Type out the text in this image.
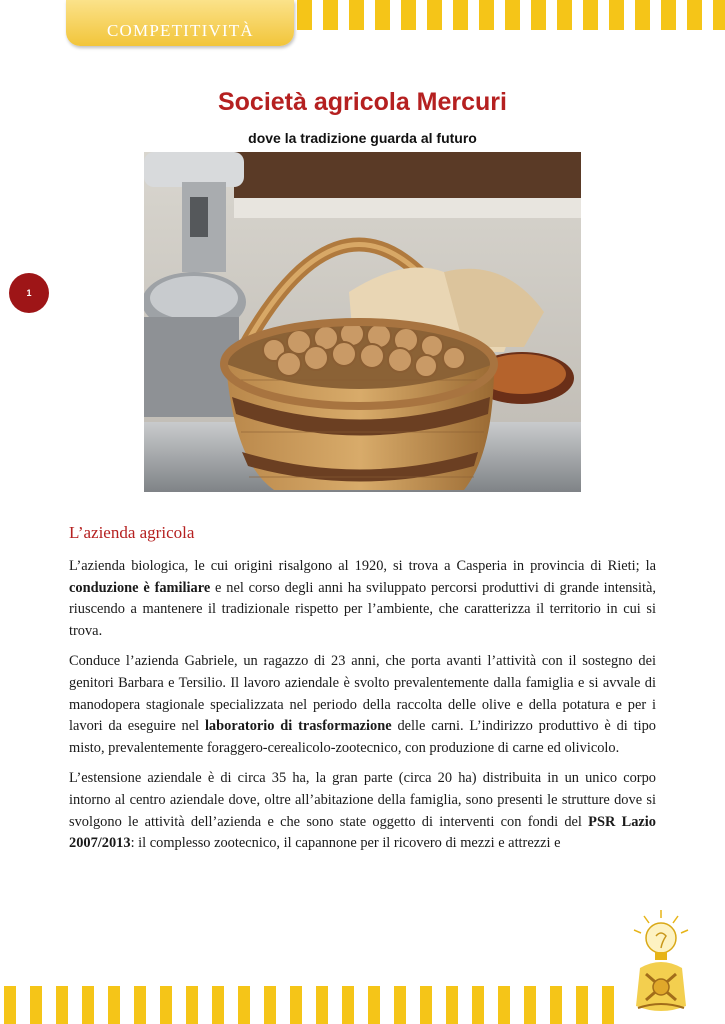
COMPETITIVITÀ
Società agricola Mercuri
dove la tradizione guarda al futuro
1
L’azienda agricola

L’azienda biologica, le cui origini risalgono al 1920, si trova a Casperia in provincia di Rieti; la conduzione è familiare e nel corso degli anni ha sviluppato percorsi produttivi di grande intensità, riuscendo a mantenere il tradizionale rispetto per l’ambiente, che caratterizza il territorio in cui si trova.

Conduce l’azienda Gabriele, un ragazzo di 23 anni, che porta avanti l’attività con il sostegno dei genitori Barbara e Tersilio. Il lavoro aziendale è svolto prevalentemente dalla famiglia e si avvale di manodopera stagionale specializzata nel periodo della raccolta delle olive e della potatura e per i lavori da eseguire nel laboratorio di trasformazione delle carni. L’indirizzo produttivo è di tipo misto, prevalentemente foraggero-cerealicolo-zootecnico, con produzione di carne ed olivicolo.

L’estensione aziendale è di circa 35 ha, la gran parte (circa 20 ha) distribuita in un unico corpo intorno al centro aziendale dove, oltre all’abitazione della famiglia, sono presenti le strutture dove si svolgono le attività dell’azienda e che sono state oggetto di interventi con fondi del PSR Lazio 2007/2013: il complesso zootecnico, il capannone per il ricovero di mezzi e attrezzi e
